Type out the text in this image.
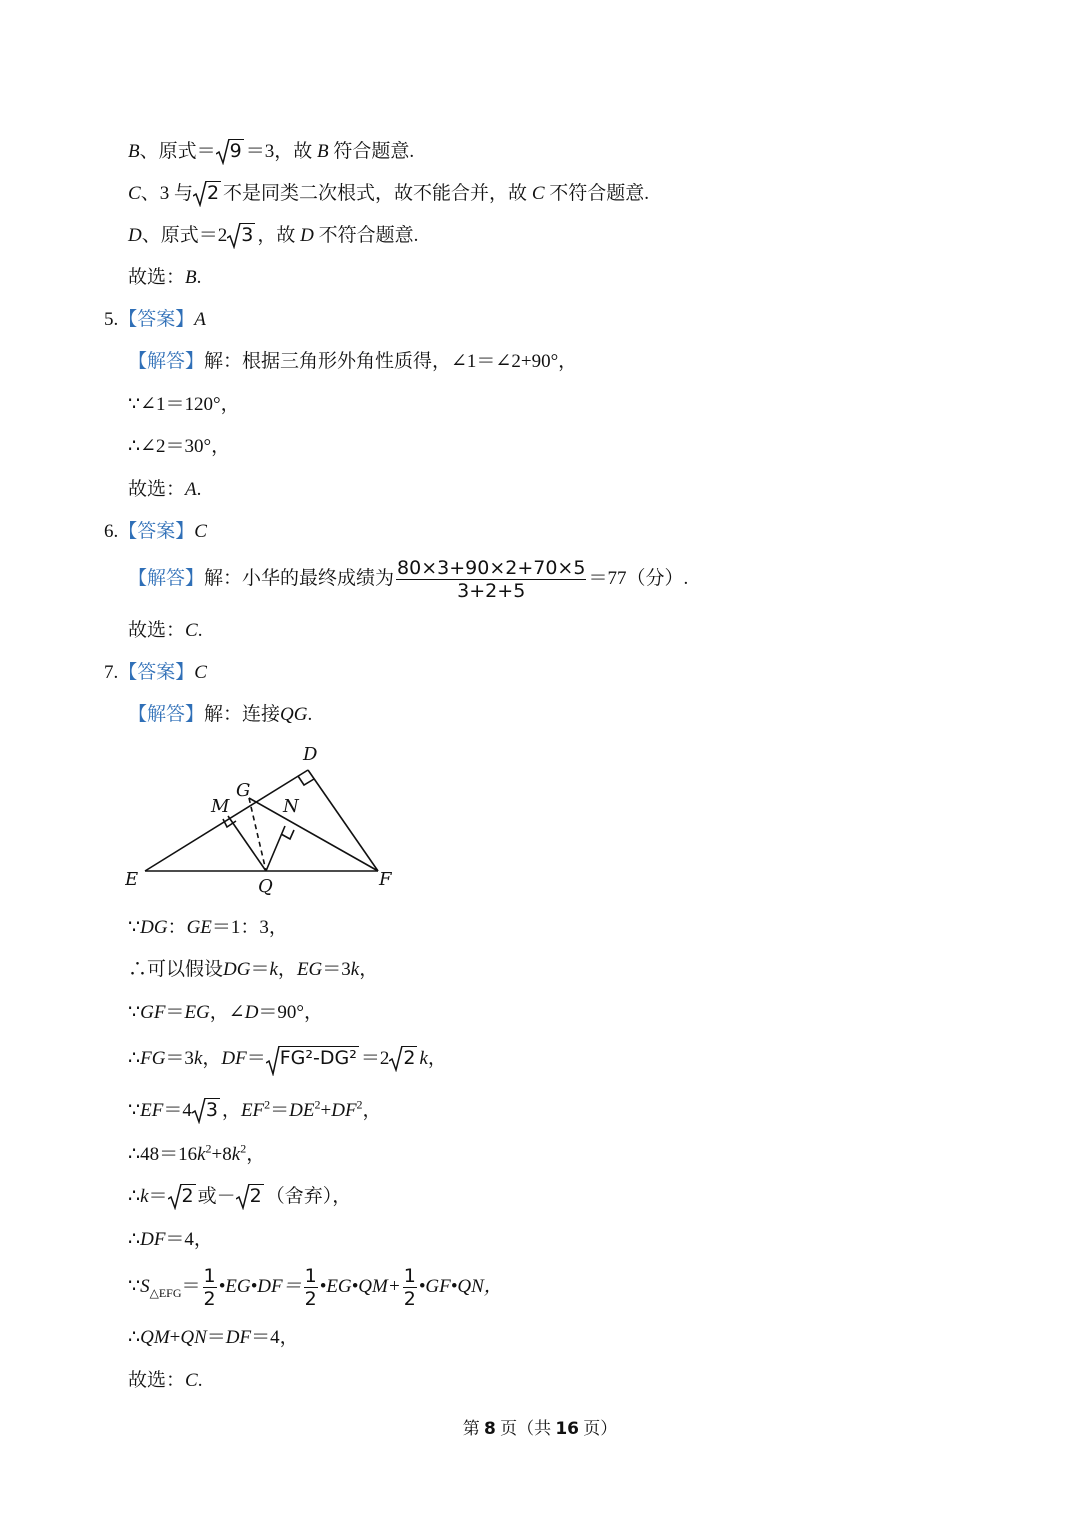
B、原式＝ 9 ＝3，故 B 符合题意.
C、3 与 2 不是同类二次根式，故不能合并，故 C 不符合题意.
D、原式＝2 3 ，故 D 不符合题意.
故选：B.
5.【答案】A
【解答】解：根据三角形外角性质得，∠1＝∠2+90°，
∵∠1＝120°，
∴∠2＝30°，
故选：A.
6.【答案】C
【解答】解：小华的最终成绩为 $\frac{80\times 3+90\times 2+70\times 5}{3+2+5} =77$（分）.
故选：C.
7.【答案】C
【解答】解：连接QG.
D
G
M	N
E	Q	F
∵DG：GE＝1：3，
∴可以假设DG＝k，EG＝3k，
∵GF＝EG，∠D＝90°，
∴FG＝3k，DF＝ FG²-DG² ＝2 2 k，
∵EF＝4 3 ，$EF^2=DE^2+DF^2$，
$\therefore 48=16k^2+8k^2$，
∴k＝ 2 或－ 2 （舍弃），
∴DF＝4，
$\because S_{\triangle EFG}= \frac{1}{2}$ •EG•DF＝ $\frac{1}{2}$ •EG•QM+ $\frac{1}{2}$ •GF•QN，
∴QM+QN＝DF＝4，
故选：C.
第 8 页（共 16 页）
